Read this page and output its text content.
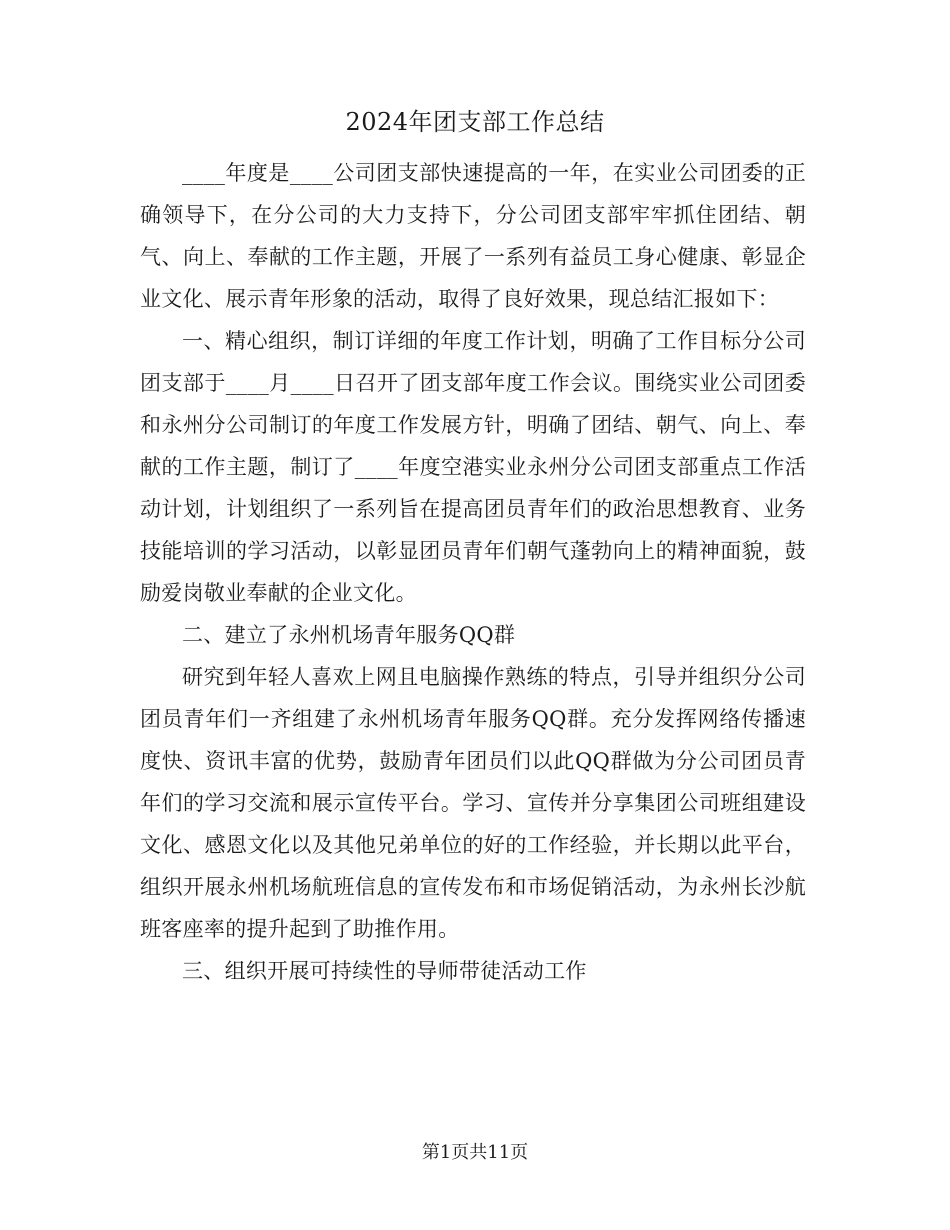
2024年团支部工作总结

____年度是____公司团支部快速提高的一年，在实业公司团委的正确领导下，在分公司的大力支持下，分公司团支部牢牢抓住团结、朝气、向上、奉献的工作主题，开展了一系列有益员工身心健康、彰显企业文化、展示青年形象的活动，取得了良好效果，现总结汇报如下：

一、精心组织，制订详细的年度工作计划，明确了工作目标分公司团支部于____月____日召开了团支部年度工作会议。围绕实业公司团委和永州分公司制订的年度工作发展方针，明确了团结、朝气、向上、奉献的工作主题，制订了____年度空港实业永州分公司团支部重点工作活动计划，计划组织了一系列旨在提高团员青年们的政治思想教育、业务技能培训的学习活动，以彰显团员青年们朝气蓬勃向上的精神面貌，鼓励爱岗敬业奉献的企业文化。

二、建立了永州机场青年服务QQ群

研究到年轻人喜欢上网且电脑操作熟练的特点，引导并组织分公司团员青年们一齐组建了永州机场青年服务QQ群。充分发挥网络传播速度快、资讯丰富的优势，鼓励青年团员们以此QQ群做为分公司团员青年们的学习交流和展示宣传平台。学习、宣传并分享集团公司班组建设文化、感恩文化以及其他兄弟单位的好的工作经验，并长期以此平台，组织开展永州机场航班信息的宣传发布和市场促销活动，为永州长沙航班客座率的提升起到了助推作用。

三、组织开展可持续性的导师带徒活动工作

第1页共11页
